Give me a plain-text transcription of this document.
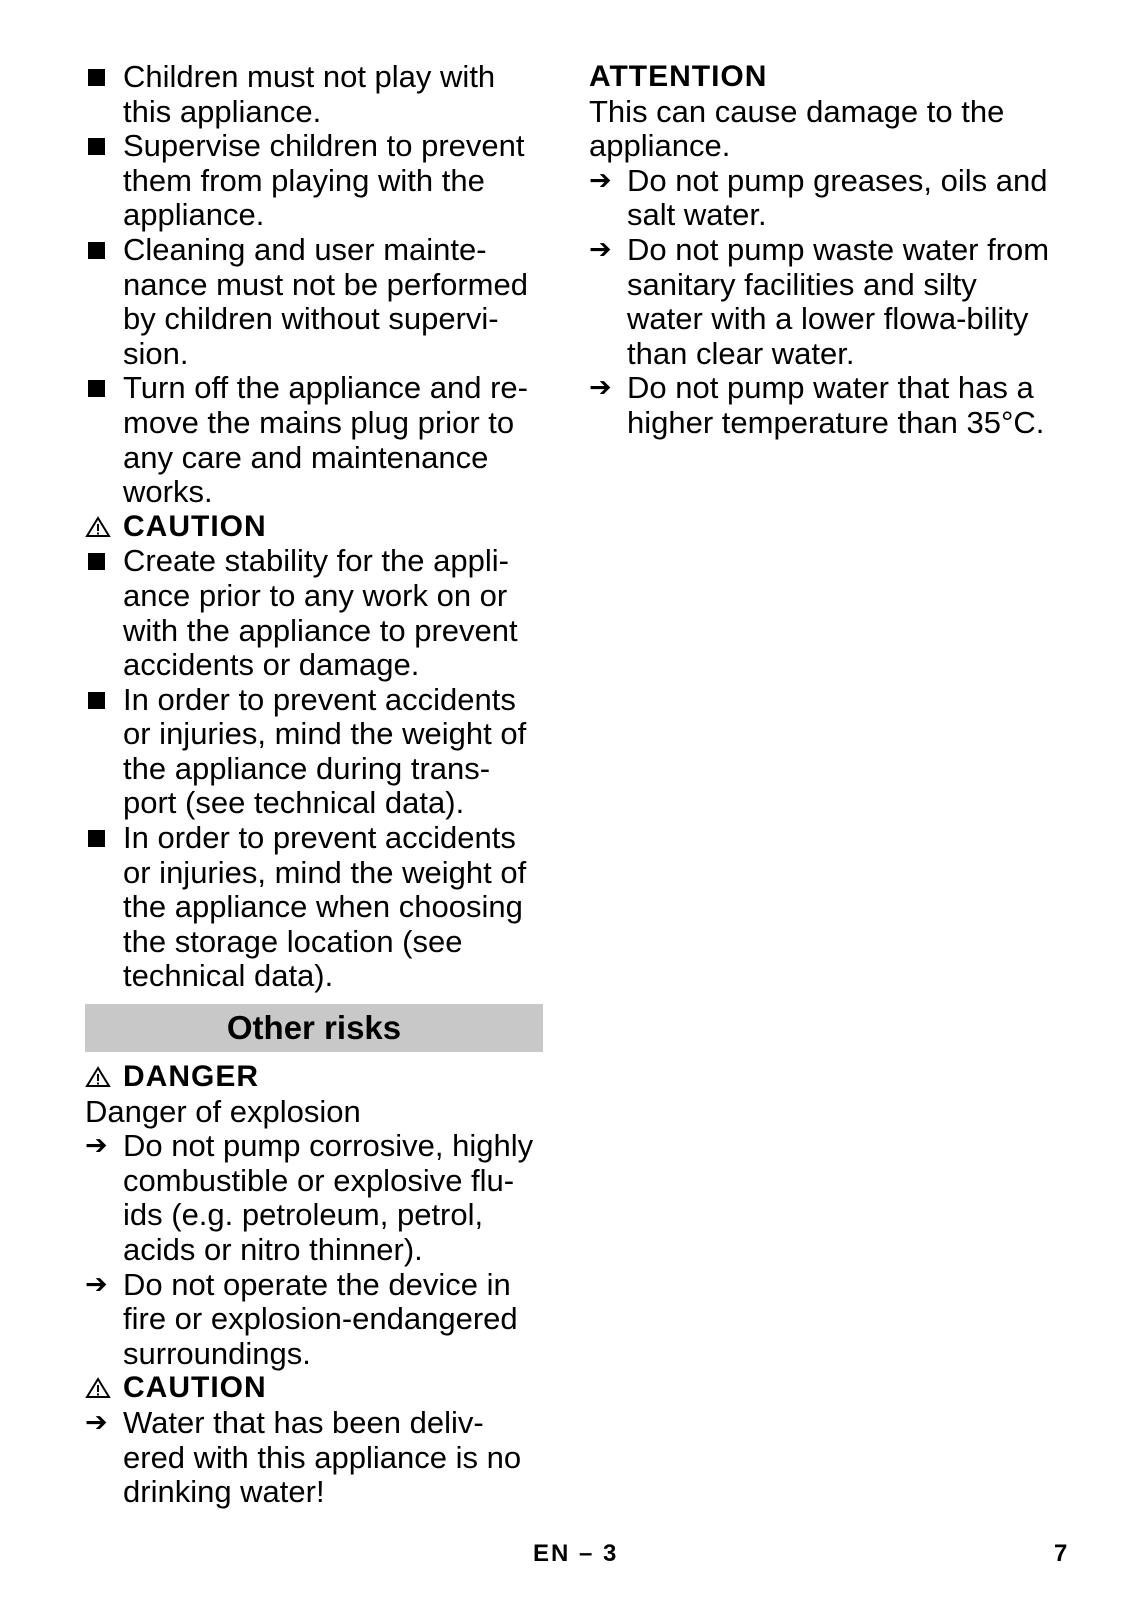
Children must not play with this appliance.
Supervise children to prevent them from playing with the appliance.
Cleaning and user mainte-nance must not be performed by children without supervi-sion.
Turn off the appliance and re-move the mains plug prior to any care and maintenance works.
CAUTION
Create stability for the appli-ance prior to any work on or with the appliance to prevent accidents or damage.
In order to prevent accidents or injuries, mind the weight of the appliance during trans-port (see technical data).
In order to prevent accidents or injuries, mind the weight of the appliance when choosing the storage location (see technical data).
Other risks
DANGER
Danger of explosion
➔ Do not pump corrosive, highly combustible or explosive flu-ids (e.g. petroleum, petrol, acids or nitro thinner).
➔ Do not operate the device in fire or explosion-endangered surroundings.
CAUTION
➔ Water that has been deliv-ered with this appliance is no drinking water!
ATTENTION
This can cause damage to the appliance.
➔ Do not pump greases, oils and salt water.
➔ Do not pump waste water from sanitary facilities and silty water with a lower flowa-bility than clear water.
➔ Do not pump water that has a higher temperature than 35°C.
EN – 3	7
